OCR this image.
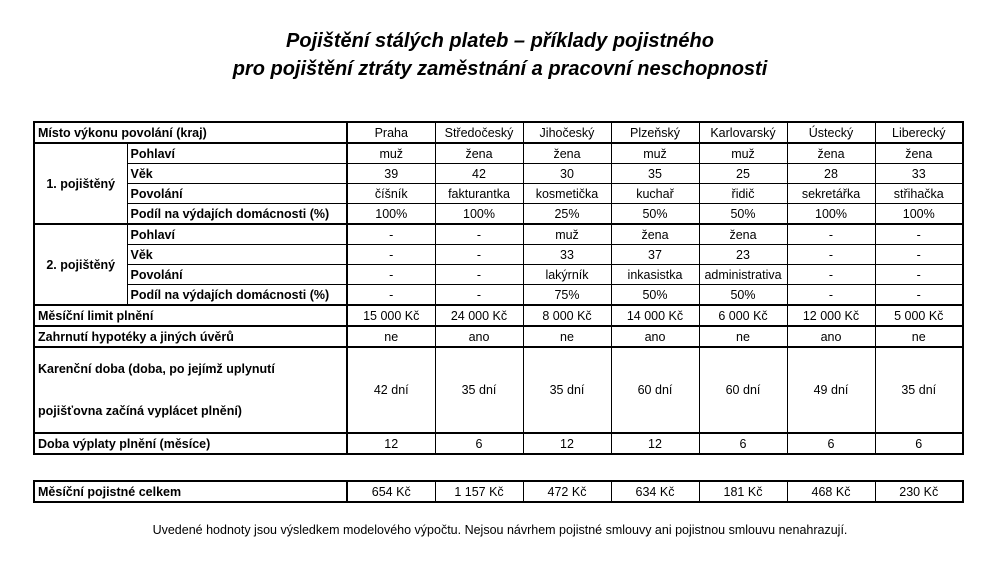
Pojištění stálých plateb – příklady pojistného
pro pojištění ztráty zaměstnání a pracovní neschopnosti
Místo výkonu povolání (kraj)		Praha	Středočeský	Jihočeský	Plzeňský	Karlovarský	Ústecký	Liberecký
1. pojištěný	Pohlaví	muž	žena	žena	muž	muž	žena	žena
	Věk	39	42	30	35	25	28	33
	Povolání	číšník	fakturantka	kosmetička	kuchař	řidič	sekretářka	střihačka
	Podíl na výdajích domácnosti (%)	100%	100%	25%	50%	50%	100%	100%
2. pojištěný	Pohlaví	-	-	muž	žena	žena	-	-
	Věk	-	-	33	37	23	-	-
	Povolání	-	-	lakýrník	inkasistka	administrativa	-	-
	Podíl na výdajích domácnosti (%)	-	-	75%	50%	50%	-	-
Měsíční limit plnění		15 000 Kč	24 000 Kč	8 000 Kč	14 000 Kč	6 000 Kč	12 000 Kč	5 000 Kč
Zahrnutí hypotéky a jiných úvěrů		ne	ano	ne	ano	ne	ano	ne

Karenční doba (doba, po jejímž uplynutí
pojišťovna začíná vyplácet plnění)		42 dní	35 dní	35 dní	60 dní	60 dní	49 dní	35 dní
Doba výplaty plnění (měsíce)		12	6	12	12	6	6	6
Měsíční pojistné celkem	654 Kč	1 157 Kč	472 Kč	634 Kč	181 Kč	468 Kč	230 Kč
Uvedené hodnoty jsou výsledkem modelového výpočtu. Nejsou návrhem pojistné smlouvy ani pojistnou smlouvu nenahrazují.
